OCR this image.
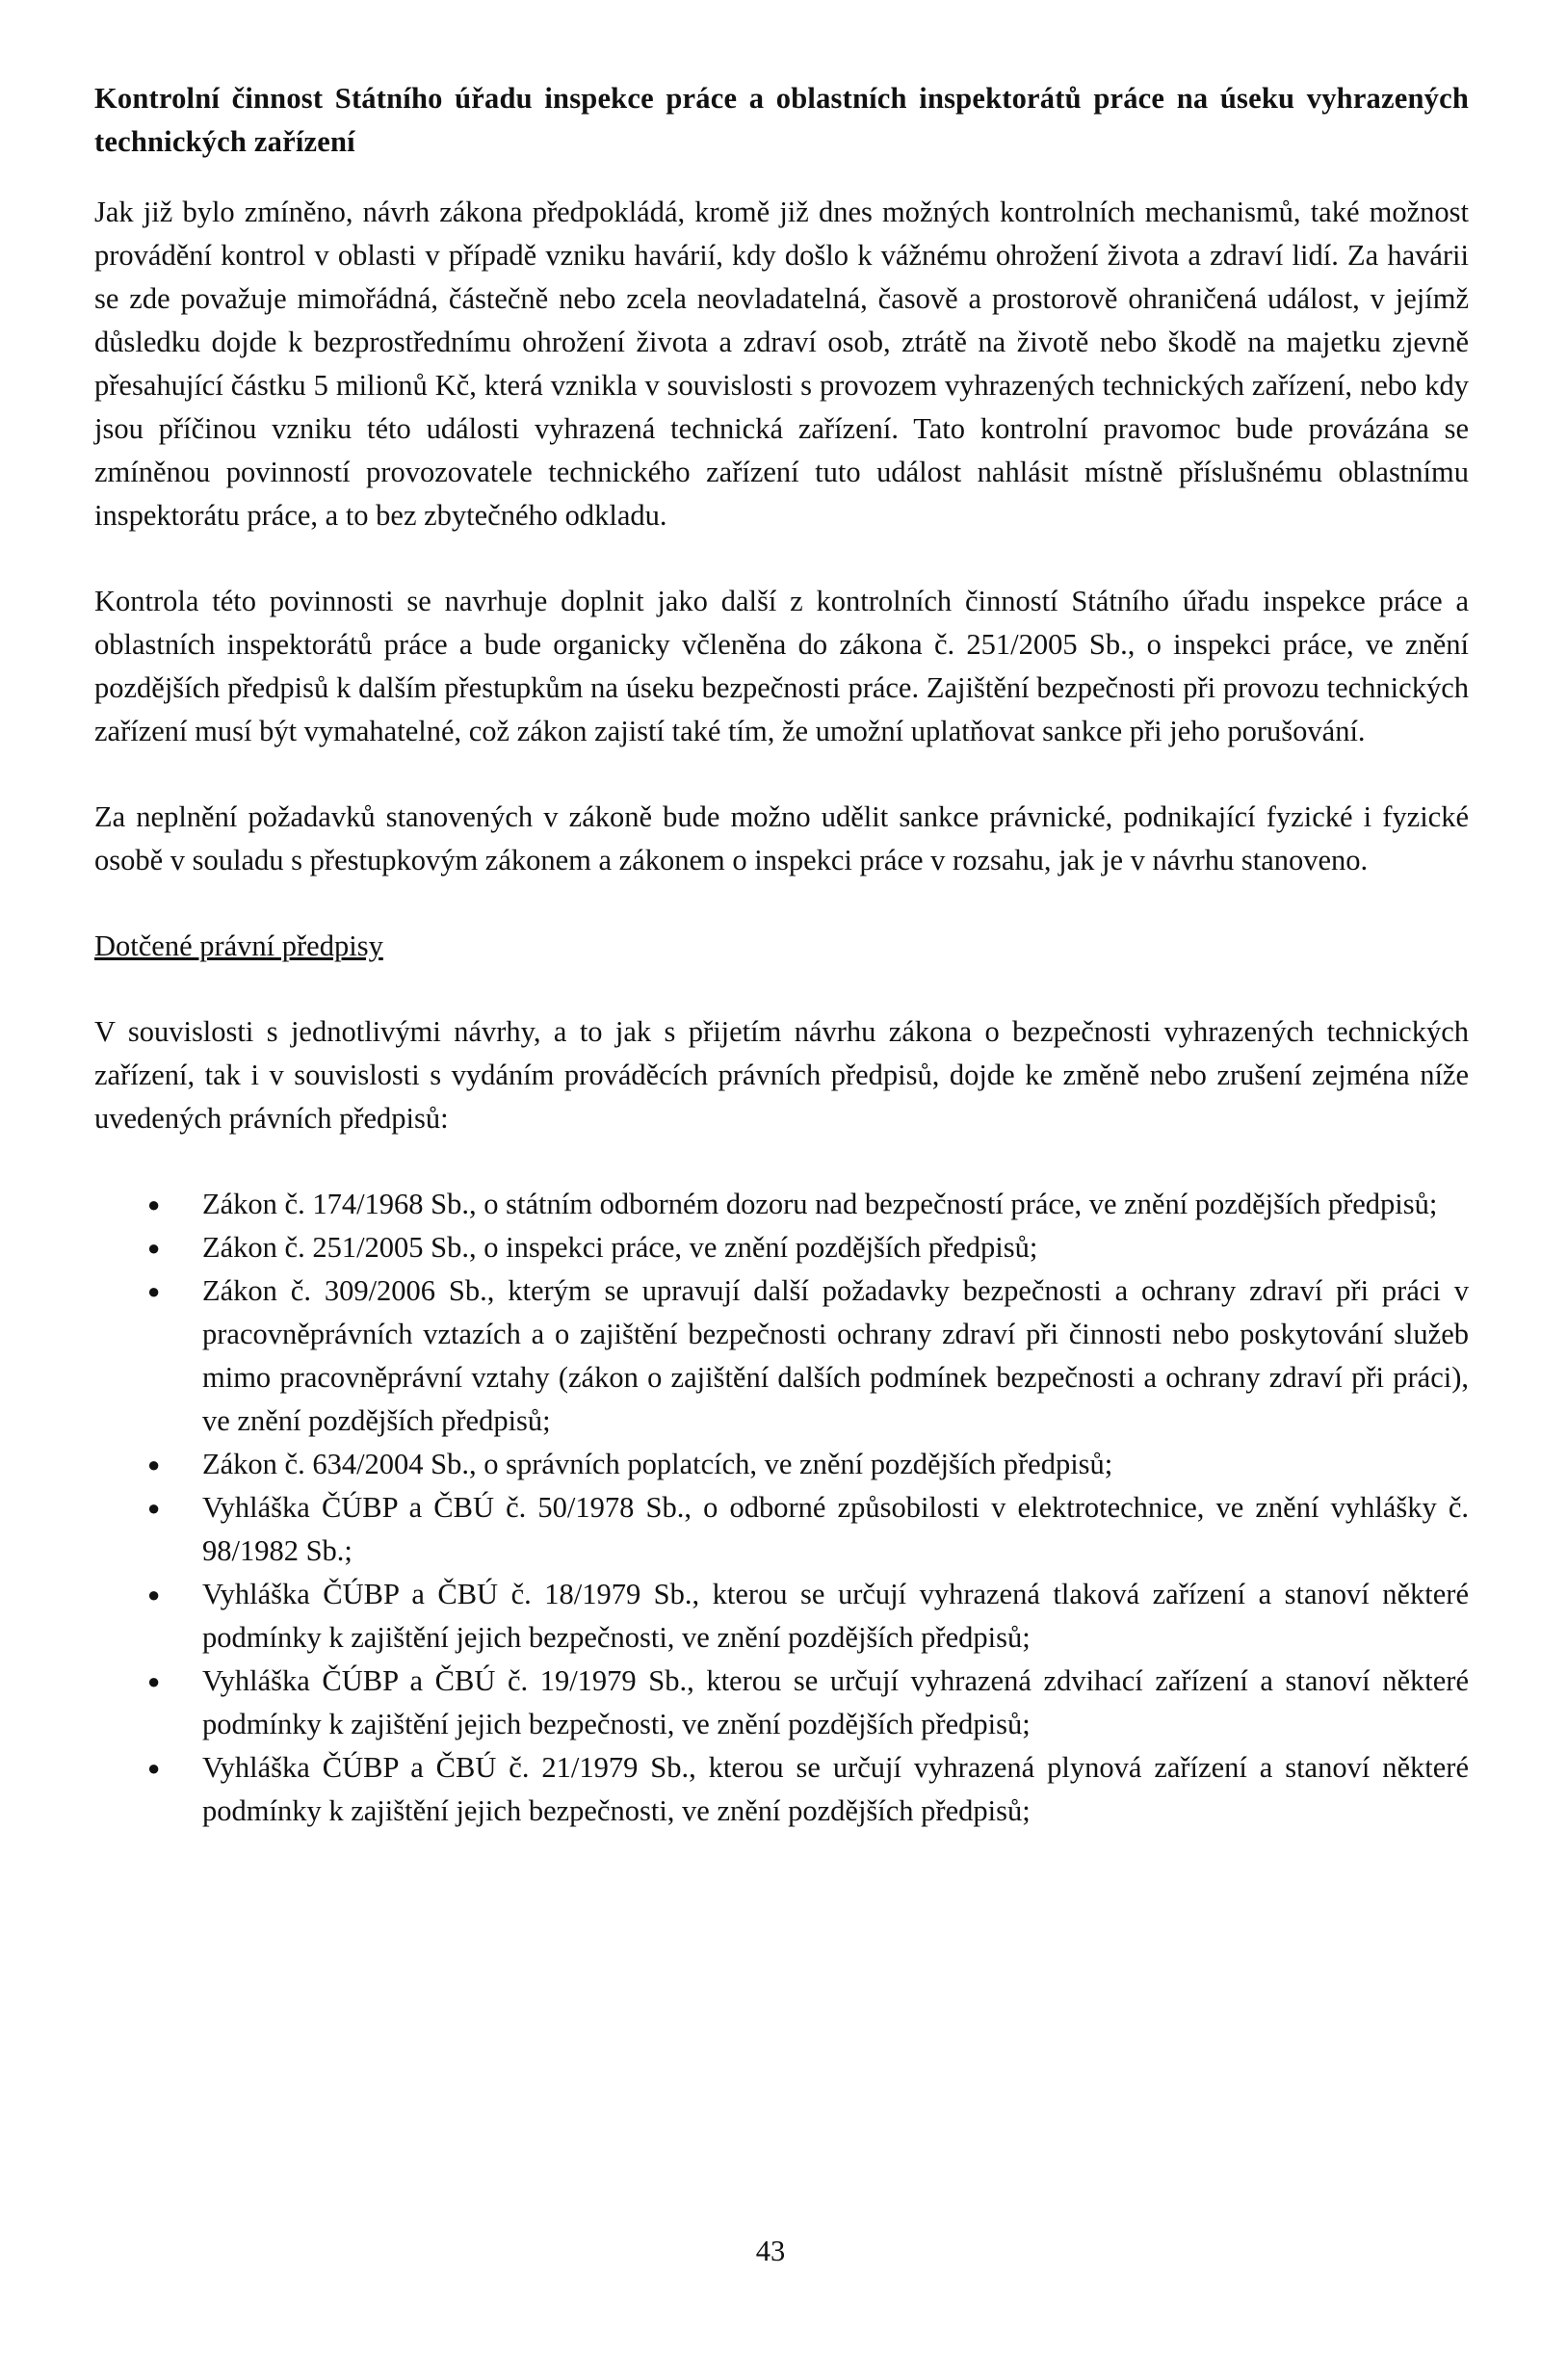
Kontrolní činnost Státního úřadu inspekce práce a oblastních inspektorátů práce na úseku vyhrazených technických zařízení

Jak již bylo zmíněno, návrh zákona předpokládá, kromě již dnes možných kontrolních mechanismů, také možnost provádění kontrol v oblasti v případě vzniku havárií, kdy došlo k vážnému ohrožení života a zdraví lidí. Za havárii se zde považuje mimořádná, částečně nebo zcela neovladatelná, časově a prostorově ohraničená událost, v jejímž důsledku dojde k bezprostřednímu ohrožení života a zdraví osob, ztrátě na životě nebo škodě na majetku zjevně přesahující částku 5 milionů Kč, která vznikla v souvislosti s provozem vyhrazených technických zařízení, nebo kdy jsou příčinou vzniku této události vyhrazená technická zařízení. Tato kontrolní pravomoc bude provázána se zmíněnou povinností provozovatele technického zařízení tuto událost nahlásit místně příslušnému oblastnímu inspektorátu práce, a to bez zbytečného odkladu.

Kontrola této povinnosti se navrhuje doplnit jako další z kontrolních činností Státního úřadu inspekce práce a oblastních inspektorátů práce a bude organicky včleněna do zákona č. 251/2005 Sb., o inspekci práce, ve znění pozdějších předpisů k dalším přestupkům na úseku bezpečnosti práce. Zajištění bezpečnosti při provozu technických zařízení musí být vymahatelné, což zákon zajistí také tím, že umožní uplatňovat sankce při jeho porušování.

Za neplnění požadavků stanovených v zákoně bude možno udělit sankce právnické, podnikající fyzické i fyzické osobě v souladu s přestupkovým zákonem a zákonem o inspekci práce v rozsahu, jak je v návrhu stanoveno.

Dotčené právní předpisy

V souvislosti s jednotlivými návrhy, a to jak s přijetím návrhu zákona o bezpečnosti vyhrazených technických zařízení, tak i v souvislosti s vydáním prováděcích právních předpisů, dojde ke změně nebo zrušení zejména níže uvedených právních předpisů:

● Zákon č. 174/1968 Sb., o státním odborném dozoru nad bezpečností práce, ve znění pozdějších předpisů;
● Zákon č. 251/2005 Sb., o inspekci práce, ve znění pozdějších předpisů;
● Zákon č. 309/2006 Sb., kterým se upravují další požadavky bezpečnosti a ochrany zdraví při práci v pracovněprávních vztazích a o zajištění bezpečnosti ochrany zdraví při činnosti nebo poskytování služeb mimo pracovněprávní vztahy (zákon o zajištění dalších podmínek bezpečnosti a ochrany zdraví při práci), ve znění pozdějších předpisů;
● Zákon č. 634/2004 Sb., o správních poplatcích, ve znění pozdějších předpisů;
● Vyhláška ČÚBP a ČBÚ č. 50/1978 Sb., o odborné způsobilosti v elektrotechnice, ve znění vyhlášky č. 98/1982 Sb.;
● Vyhláška ČÚBP a ČBÚ č. 18/1979 Sb., kterou se určují vyhrazená tlaková zařízení a stanoví některé podmínky k zajištění jejich bezpečnosti, ve znění pozdějších předpisů;
● Vyhláška ČÚBP a ČBÚ č. 19/1979 Sb., kterou se určují vyhrazená zdvihací zařízení a stanoví některé podmínky k zajištění jejich bezpečnosti, ve znění pozdějších předpisů;
● Vyhláška ČÚBP a ČBÚ č. 21/1979 Sb., kterou se určují vyhrazená plynová zařízení a stanoví některé podmínky k zajištění jejich bezpečnosti, ve znění pozdějších předpisů;
43
